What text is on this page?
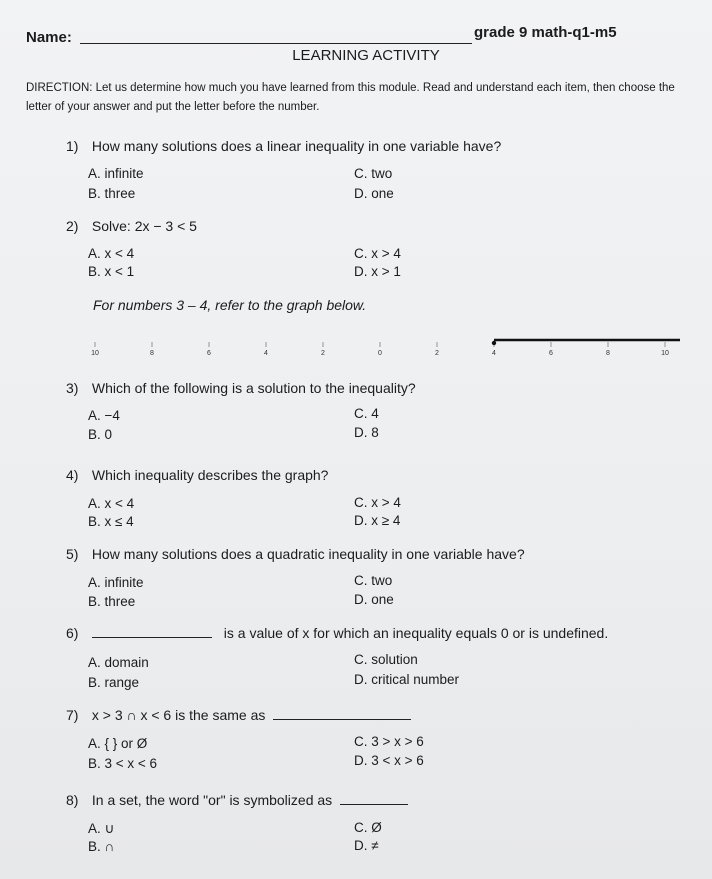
Name:	grade 9 math-q1-m5
LEARNING ACTIVITY
DIRECTION: Let us determine how much you have learned from this module. Read and understand each item, then choose the letter of your answer and put the letter before the number.
1) How many solutions does a linear inequality in one variable have?
A. infinite
B. three
C. two
D. one
2) Solve: 2x − 3 < 5
A. x < 4
B. x < 1
C. x > 4
D. x > 1
For numbers 3 – 4, refer to the graph below.
10	8	6	4	2	0	2	4	6	8	10
3) Which of the following is a solution to the inequality?
A. −4
B. 0
C. 4
D. 8
4) Which inequality describes the graph?
A. x < 4
B. x ≤ 4
C. x > 4
D. x ≥ 4
5) How many solutions does a quadratic inequality in one variable have?
A. infinite
B. three
C. two
D. one
6)	is a value of x for which an inequality equals 0 or is undefined.
A. domain
B. range
C. solution
D. critical number
7) x > 3 ∩ x < 6 is the same as
A. { } or Ø
B. 3 < x < 6
C. 3 > x > 6
D. 3 < x > 6
8) In a set, the word "or" is symbolized as
A. ∪
B. ∩
C. Ø
D. ≠
